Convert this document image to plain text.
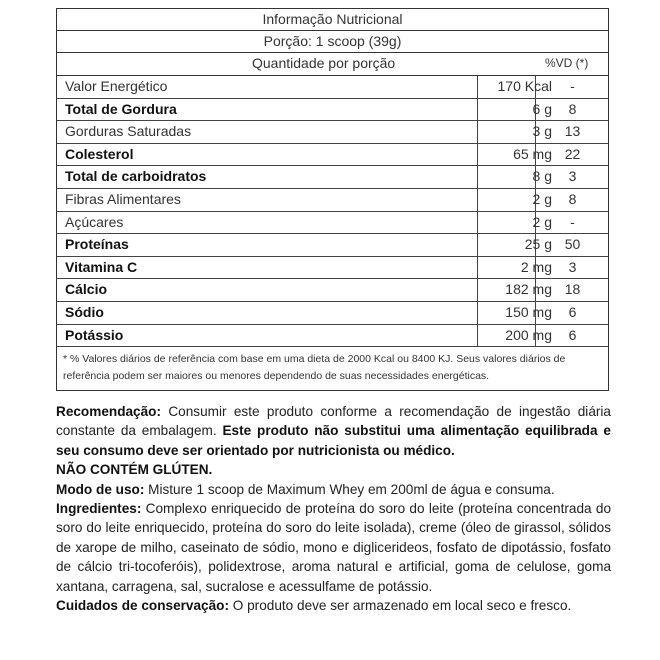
Informação Nutricional
Porção: 1 scoop (39g)
Quantidade por porção	%VD (*)
Valor Energético	170 Kcal	-
Total de Gordura	6 g	8
Gorduras Saturadas	3 g 13
Colesterol	65 mg 22
Total de carboidratos	8 g	3
Fibras Alimentares	2 g	8
Açúcares	2 g	-
Proteínas	25 g 50
Vitamina C	2 mg	3
Cálcio	182 mg 18
Sódio	150 mg	6
Potássio	200 mg	6
* % Valores diários de referência com base em uma dieta de 2000 Kcal ou 8400 KJ. Seus valores diários de referência podem ser maiores ou menores dependendo de suas necessidades energéticas.

Recomendação: Consumir este produto conforme a recomendação de ingestão diária constante da embalagem. Este produto não substitui uma alimentação equilibrada e seu consumo deve ser orientado por nutricionista ou médico.

NÃO CONTÉM GLÚTEN.

Modo de uso: Misture 1 scoop de Maximum Whey em 200ml de água e consuma.

Ingredientes: Complexo enriquecido de proteína do soro do leite (proteína concentrada do soro do leite enriquecido, proteína do soro do leite isolada), creme (óleo de girassol, sólidos de xarope de milho, caseinato de sódio, mono e diglicerideos, fosfato de dipotássio, fosfato de cálcio tri-tocoferóis), polidextrose, aroma natural e artificial, goma de celulose, goma xantana, carragena, sal, sucralose e acessulfame de potássio.

Cuidados de conservação: O produto deve ser armazenado em local seco e fresco.
